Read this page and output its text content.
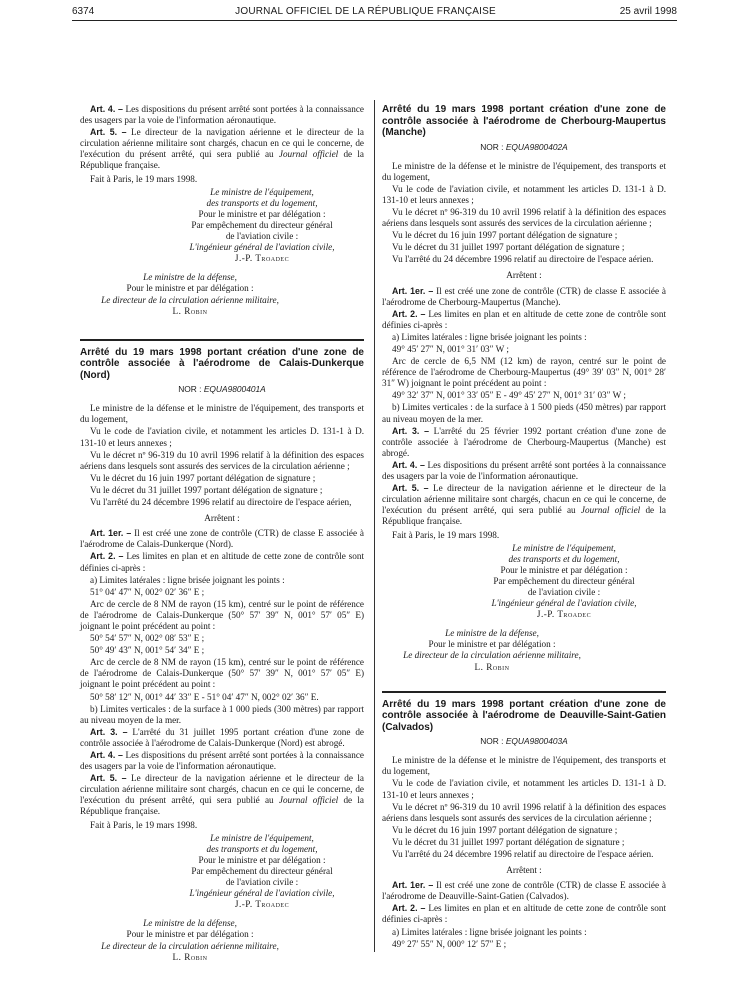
6374	JOURNAL OFFICIEL DE LA RÉPUBLIQUE FRANÇAISE	25 avril 1998

Art. 4. – Les dispositions du présent arrêté sont portées à la connaissance des usagers par la voie de l'information aéronautique.

Art. 5. – Le directeur de la navigation aérienne et le directeur de la circulation aérienne militaire sont chargés, chacun en ce qui le concerne, de l'exécution du présent arrêté, qui sera publié au Journal officiel de la République française.

Fait à Paris, le 19 mars 1998.

Le ministre de l'équipement,

des transports et du logement,

Pour le ministre et par délégation :

Par empêchement du directeur général

de l'aviation civile :

L'ingénieur général de l'aviation civile,

J.-P. Troadec

Le ministre de la défense,

Pour le ministre et par délégation :

Le directeur de la circulation aérienne militaire,

L. Robin

Arrêté du 19 mars 1998 portant création d'une zone de contrôle associée à l'aérodrome de Calais-Dunkerque (Nord)

NOR : EQUA9800401A

Le ministre de la défense et le ministre de l'équipement, des transports et du logement,

Vu le code de l'aviation civile, et notamment les articles D. 131-1 à D. 131-10 et leurs annexes ;

Vu le décret nº 96-319 du 10 avril 1996 relatif à la définition des espaces aériens dans lesquels sont assurés des services de la circulation aérienne ;

Vu le décret du 16 juin 1997 portant délégation de signature ;

Vu le décret du 31 juillet 1997 portant délégation de signature ;

Vu l'arrêté du 24 décembre 1996 relatif au directoire de l'espace aérien,

Arrêtent :

Art. 1er. – Il est créé une zone de contrôle (CTR) de classe E associée à l'aérodrome de Calais-Dunkerque (Nord).

Art. 2. – Les limites en plan et en altitude de cette zone de contrôle sont définies ci-après :

a) Limites latérales : ligne brisée joignant les points :

51° 04′ 47″ N, 002° 02′ 36″ E ;

Arc de cercle de 8 NM de rayon (15 km), centré sur le point de référence de l'aérodrome de Calais-Dunkerque (50° 57′ 39″ N, 001° 57′ 05″ E) joignant le point précédent au point :

50° 54′ 57″ N, 002° 08′ 53″ E ;

50° 49′ 43″ N, 001° 54′ 34″ E ;

Arc de cercle de 8 NM de rayon (15 km), centré sur le point de référence de l'aérodrome de Calais-Dunkerque (50° 57′ 39″ N, 001° 57′ 05″ E) joignant le point précédent au point :

50° 58′ 12″ N, 001° 44′ 33″ E - 51° 04′ 47″ N, 002° 02′ 36″ E.

b) Limites verticales : de la surface à 1 000 pieds (300 mètres) par rapport au niveau moyen de la mer.

Art. 3. – L'arrêté du 31 juillet 1995 portant création d'une zone de contrôle associée à l'aérodrome de Calais-Dunkerque (Nord) est abrogé.

Art. 4. – Les dispositions du présent arrêté sont portées à la connaissance des usagers par la voie de l'information aéronautique.

Art. 5. – Le directeur de la navigation aérienne et le directeur de la circulation aérienne militaire sont chargés, chacun en ce qui le concerne, de l'exécution du présent arrêté, qui sera publié au Journal officiel de la République française.

Fait à Paris, le 19 mars 1998.

Le ministre de l'équipement,

des transports et du logement,

Pour le ministre et par délégation :

Par empêchement du directeur général

de l'aviation civile :

L'ingénieur général de l'aviation civile,

J.-P. Troadec

Le ministre de la défense,

Pour le ministre et par délégation :

Le directeur de la circulation aérienne militaire,

L. Robin

Arrêté du 19 mars 1998 portant création d'une zone de contrôle associée à l'aérodrome de Cherbourg-Maupertus (Manche)

NOR : EQUA9800402A

Le ministre de la défense et le ministre de l'équipement, des transports et du logement,

Vu le code de l'aviation civile, et notamment les articles D. 131-1 à D. 131-10 et leurs annexes ;

Vu le décret nº 96-319 du 10 avril 1996 relatif à la définition des espaces aériens dans lesquels sont assurés des services de la circulation aérienne ;

Vu le décret du 16 juin 1997 portant délégation de signature ;

Vu le décret du 31 juillet 1997 portant délégation de signature ;

Vu l'arrêté du 24 décembre 1996 relatif au directoire de l'espace aérien.

Arrêtent :

Art. 1er. – Il est créé une zone de contrôle (CTR) de classe E associée à l'aérodrome de Cherbourg-Maupertus (Manche).

Art. 2. – Les limites en plan et en altitude de cette zone de contrôle sont définies ci-après :

a) Limites latérales : ligne brisée joignant les points :

49° 45′ 27″ N, 001° 31′ 03″ W ;

Arc de cercle de 6,5 NM (12 km) de rayon, centré sur le point de référence de l'aérodrome de Cherbourg-Maupertus (49° 39′ 03″ N, 001° 28′ 31″ W) joignant le point précédent au point :

49° 32′ 37″ N, 001° 33′ 05″ E - 49° 45′ 27″ N, 001° 31′ 03″ W ;

b) Limites verticales : de la surface à 1 500 pieds (450 mètres) par rapport au niveau moyen de la mer.

Art. 3. – L'arrêté du 25 février 1992 portant création d'une zone de contrôle associée à l'aérodrome de Cherbourg-Maupertus (Manche) est abrogé.

Art. 4. – Les dispositions du présent arrêté sont portées à la connaissance des usagers par la voie de l'information aéronautique.

Art. 5. – Le directeur de la navigation aérienne et le directeur de la circulation aérienne militaire sont chargés, chacun en ce qui le concerne, de l'exécution du présent arrêté, qui sera publié au Journal officiel de la République française.

Fait à Paris, le 19 mars 1998.

Le ministre de l'équipement,

des transports et du logement,

Pour le ministre et par délégation :

Par empêchement du directeur général

de l'aviation civile :

L'ingénieur général de l'aviation civile,

J.-P. Troadec

Le ministre de la défense,

Pour le ministre et par délégation :

Le directeur de la circulation aérienne militaire,

L. Robin

Arrêté du 19 mars 1998 portant création d'une zone de contrôle associée à l'aérodrome de Deauville-Saint-Gatien (Calvados)

NOR : EQUA9800403A

Le ministre de la défense et le ministre de l'équipement, des transports et du logement,

Vu le code de l'aviation civile, et notamment les articles D. 131-1 à D. 131-10 et leurs annexes ;

Vu le décret nº 96-319 du 10 avril 1996 relatif à la définition des espaces aériens dans lesquels sont assurés des services de la circulation aérienne ;

Vu le décret du 16 juin 1997 portant délégation de signature ;

Vu le décret du 31 juillet 1997 portant délégation de signature ;

Vu l'arrêté du 24 décembre 1996 relatif au directoire de l'espace aérien.

Arrêtent :

Art. 1er. – Il est créé une zone de contrôle (CTR) de classe E associée à l'aérodrome de Deauville-Saint-Gatien (Calvados).

Art. 2. – Les limites en plan et en altitude de cette zone de contrôle sont définies ci-après :

a) Limites latérales : ligne brisée joignant les points :

49° 27′ 55″ N, 000° 12′ 57″ E ;
